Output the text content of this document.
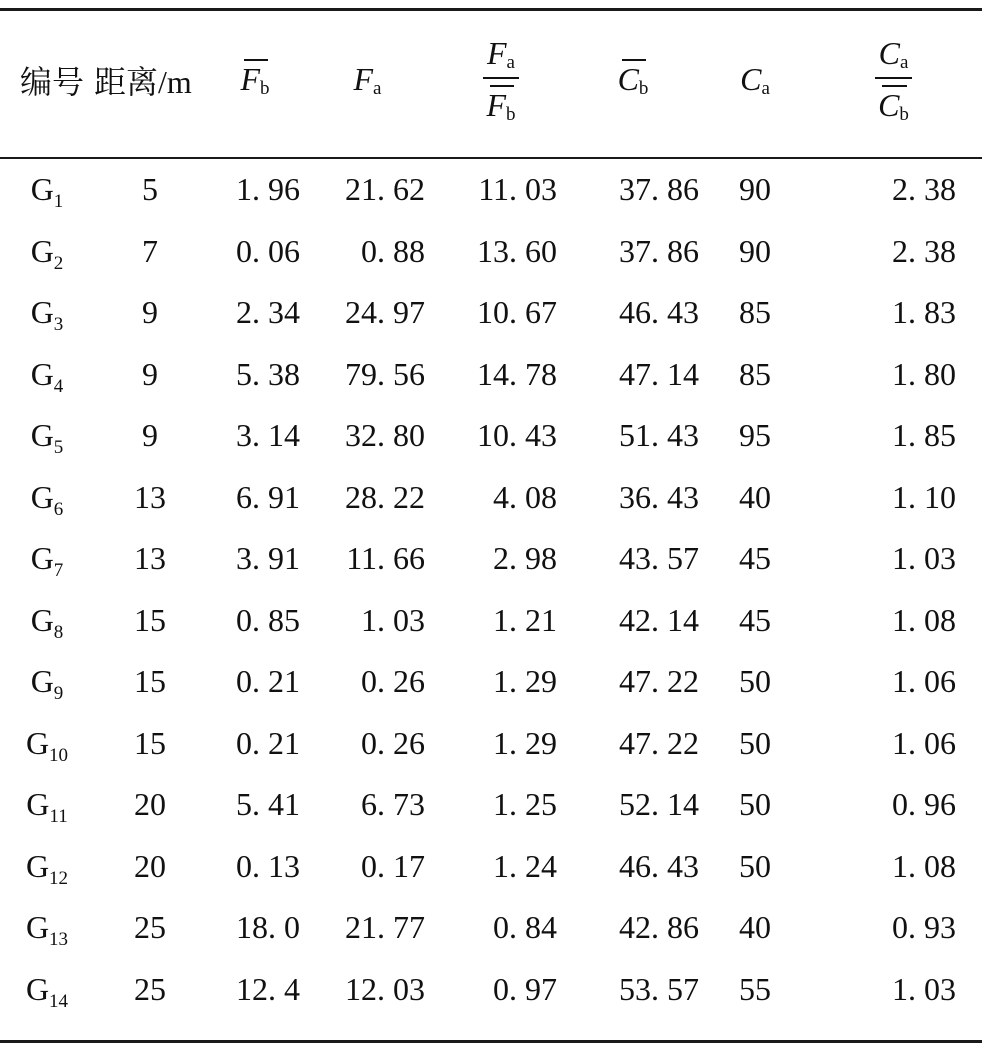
编号	距离/m	$F_b$	$F_a$	$\frac{F_a}{F_b}$	$C_b$	$C_a$	$\frac{C_a}{C_b}$

$G_1$	5	1. 96	21. 62	11. 03	37. 86	90	2. 38
$G_2$	7	0. 06	0. 88	13. 60	37. 86	90	2. 38
$G_3$	9	2. 34	24. 97	10. 67	46. 43	85	1. 83
$G_4$	9	5. 38	79. 56	14. 78	47. 14	85	1. 80
$G_5$	9	3. 14	32. 80	10. 43	51. 43	95	1. 85
$G_6$	13	6. 91	28. 22	4. 08	36. 43	40	1. 10
$G_7$	13	3. 91	11. 66	2. 98	43. 57	45	1. 03
$G_8$	15	0. 85	1. 03	1. 21	42. 14	45	1. 08
$G_9$	15	0. 21	0. 26	1. 29	47. 22	50	1. 06
$G_{10}$	15	0. 21	0. 26	1. 29	47. 22	50	1. 06
$G_{11}$	20	5. 41	6. 73	1. 25	52. 14	50	0. 96
$G_{12}$	20	0. 13	0. 17	1. 24	46. 43	50	1. 08
$G_{13}$	25	18. 0	21. 77	0. 84	42. 86	40	0. 93
$G_{14}$	25	12. 4	12. 03	0. 97	53. 57	55	1. 03
